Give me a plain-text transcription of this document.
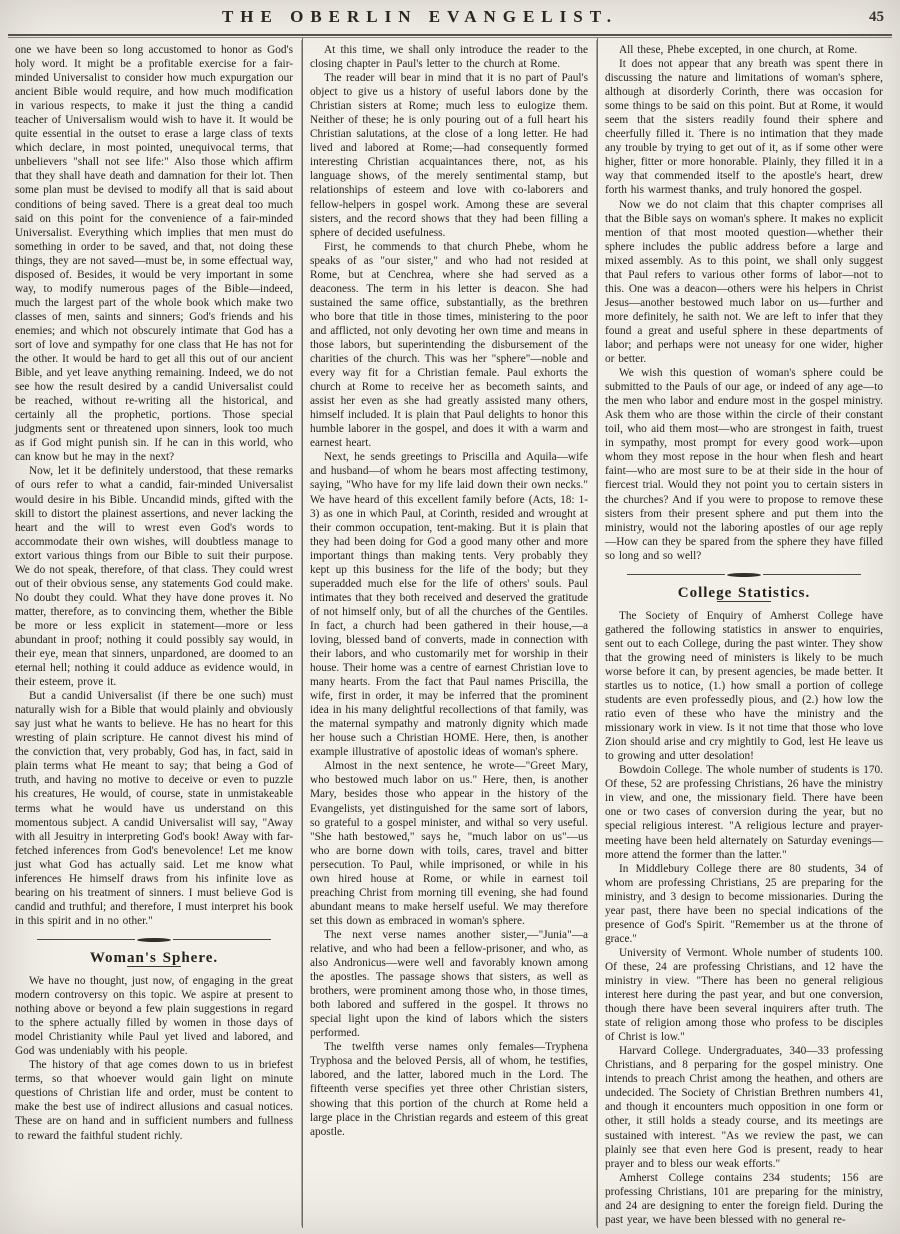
THE OBERLIN EVANGELIST.	45

one we have been so long accustomed to honor as God's holy word. It might be a profitable exercise for a fair-minded Universalist to consider how much expurgation our ancient Bible would require, and how much modification in various respects, to make it just the thing a candid teacher of Universalism would wish to have it. It would be quite essential in the outset to erase a large class of texts which declare, in most pointed, unequivocal terms, that unbelievers "shall not see life:" Also those which affirm that they shall have death and damnation for their lot. Then some plan must be devised to modify all that is said about conditions of being saved. There is a great deal too much said on this point for the convenience of a fair-minded Universalist. Everything which implies that men must do something in order to be saved, and that, not doing these things, they are not saved—must be, in some effectual way, disposed of. Besides, it would be very important in some way, to modify numerous pages of the Bible—indeed, much the largest part of the whole book which make two classes of men, saints and sinners; God's friends and his enemies; and which not obscurely intimate that God has a sort of love and sympathy for one class that He has not for the other. It would be hard to get all this out of our ancient Bible, and yet leave anything remaining. Indeed, we do not see how the result desired by a candid Universalist could be reached, without re-writing all the historical, and certainly all the prophetic, portions. Those special judgments sent or threatened upon sinners, look too much as if God might punish sin. If he can in this world, who can know but he may in the next?

Now, let it be definitely understood, that these remarks of ours refer to what a candid, fair-minded Universalist would desire in his Bible. Uncandid minds, gifted with the skill to distort the plainest assertions, and never lacking the heart and the will to wrest even God's words to accommodate their own wishes, will doubtless manage to extort various things from our Bible to suit their purpose. We do not speak, therefore, of that class. They could wrest out of their obvious sense, any statements God could make. No doubt they could. What they have done proves it. No matter, therefore, as to convincing them, whether the Bible be more or less explicit in statement—more or less abundant in proof; nothing it could possibly say would, in their eye, mean that sinners, unpardoned, are doomed to an eternal hell; nothing it could adduce as evidence would, in their esteem, prove it.

But a candid Universalist (if there be one such) must naturally wish for a Bible that would plainly and obviously say just what he wants to believe. He has no heart for this wresting of plain scripture. He cannot divest his mind of the conviction that, very probably, God has, in fact, said in plain terms what He meant to say; that being a God of truth, and having no motive to deceive or even to puzzle his creatures, He would, of course, state in unmistakeable terms what he would have us understand on this momentous subject. A candid Universalist will say, "Away with all Jesuitry in interpreting God's book! Away with far-fetched inferences from God's benevolence! Let me know just what God has actually said. Let me know what inferences He himself draws from his infinite love as bearing on his treatment of sinners. I must believe God is candid and truthful; and therefore, I must interpret his book in this spirit and in no other."

Woman's Sphere.

We have no thought, just now, of engaging in the great modern controversy on this topic. We aspire at present to nothing above or beyond a few plain suggestions in regard to the sphere actually filled by women in those days of model Christianity while Paul yet lived and labored, and God was undeniably with his people.

The history of that age comes down to us in briefest terms, so that whoever would gain light on minute questions of Christian life and order, must be content to make the best use of indirect allusions and casual notices. These are on hand and in sufficient numbers and fullness to reward the faithful student richly.

At this time, we shall only introduce the reader to the closing chapter in Paul's letter to the church at Rome.

The reader will bear in mind that it is no part of Paul's object to give us a history of useful labors done by the Christian sisters at Rome; much less to eulogize them. Neither of these; he is only pouring out of a full heart his Christian salutations, at the close of a long letter. He had lived and labored at Rome;—had consequently formed interesting Christian acquaintances there, not, as his language shows, of the merely sentimental stamp, but relationships of esteem and love with co-laborers and fellow-helpers in gospel work. Among these are several sisters, and the record shows that they had been filling a sphere of decided usefulness.

First, he commends to that church Phebe, whom he speaks of as "our sister," and who had not resided at Rome, but at Cenchrea, where she had served as a deaconess. The term in his letter is deacon. She had sustained the same office, substantially, as the brethren who bore that title in those times, ministering to the poor and afflicted, not only devoting her own time and means in those labors, but superintending the disbursement of the charities of the church. This was her "sphere"—noble and every way fit for a Christian female. Paul exhorts the church at Rome to receive her as becometh saints, and assist her even as she had greatly assisted many others, himself included. It is plain that Paul delights to honor this humble laborer in the gospel, and does it with a warm and earnest heart.

Next, he sends greetings to Priscilla and Aquila—wife and husband—of whom he bears most affecting testimony, saying, "Who have for my life laid down their own necks." We have heard of this excellent family before (Acts, 18: 1-3) as one in which Paul, at Corinth, resided and wrought at their common occupation, tent-making. But it is plain that they had been doing for God a good many other and more important things than making tents. Very probably they kept up this business for the life of the body; but they superadded much else for the life of others' souls. Paul intimates that they both received and deserved the gratitude of not himself only, but of all the churches of the Gentiles. In fact, a church had been gathered in their house,—a loving, blessed band of converts, made in connection with their labors, and who customarily met for worship in their house. Their home was a centre of earnest Christian love to many hearts. From the fact that Paul names Priscilla, the wife, first in order, it may be inferred that the prominent idea in his many delightful recollections of that family, was the maternal sympathy and matronly dignity which made her house such a Christian HOME. Here, then, is another example illustrative of apostolic ideas of woman's sphere.

Almost in the next sentence, he wrote—"Greet Mary, who bestowed much labor on us." Here, then, is another Mary, besides those who appear in the history of the Evangelists, yet distinguished for the same sort of labors, so grateful to a gospel minister, and withal so very useful. "She hath bestowed," says he, "much labor on us"—us who are borne down with toils, cares, travel and bitter persecution. To Paul, while imprisoned, or while in his own hired house at Rome, or while in earnest toil preaching Christ from morning till evening, she had found abundant means to make herself useful. We may therefore set this down as embraced in woman's sphere.

The next verse names another sister,—"Junia"—a relative, and who had been a fellow-prisoner, and who, as also Andronicus—were well and favorably known among the apostles. The passage shows that sisters, as well as brothers, were prominent among those who, in those times, both labored and suffered in the gospel. It throws no special light upon the kind of labors which the sisters performed.

The twelfth verse names only females—Tryphena Tryphosa and the beloved Persis, all of whom, he testifies, labored, and the latter, labored much in the Lord. The fifteenth verse specifies yet three other Christian sisters, showing that this portion of the church at Rome held a large place in the Christian regards and esteem of this great apostle.

All these, Phebe excepted, in one church, at Rome.

It does not appear that any breath was spent there in discussing the nature and limitations of woman's sphere, although at disorderly Corinth, there was occasion for some things to be said on this point. But at Rome, it would seem that the sisters readily found their sphere and cheerfully filled it. There is no intimation that they made any trouble by trying to get out of it, as if some other were higher, fitter or more honorable. Plainly, they filled it in a way that commended itself to the apostle's heart, drew forth his warmest thanks, and truly honored the gospel.

Now we do not claim that this chapter comprises all that the Bible says on woman's sphere. It makes no explicit mention of that most mooted question—whether their sphere includes the public address before a large and mixed assembly. As to this point, we shall only suggest that Paul refers to various other forms of labor—not to this. One was a deacon—others were his helpers in Christ Jesus—another bestowed much labor on us—further and more definitely, he saith not. We are left to infer that they found a great and useful sphere in these departments of labor; and perhaps were not uneasy for one wider, higher or better.

We wish this question of woman's sphere could be submitted to the Pauls of our age, or indeed of any age—to the men who labor and endure most in the gospel ministry. Ask them who are those within the circle of their constant toil, who aid them most—who are strongest in faith, truest in sympathy, most prompt for every good work—upon whom they most repose in the hour when flesh and heart faint—who are most sure to be at their side in the hour of fiercest trial. Would they not point you to certain sisters in the churches? And if you were to propose to remove these sisters from their present sphere and put them into the ministry, would not the laboring apostles of our age reply—How can they be spared from the sphere they have filled so long and so well?

College Statistics.

The Society of Enquiry of Amherst College have gathered the following statistics in answer to enquiries, sent out to each College, during the past winter. They show that the growing need of ministers is likely to be much worse before it can, by present agencies, be made better. It startles us to notice, (1.) how small a portion of college students are even professedly pious, and (2.) how low the ratio even of these who have the ministry and the missionary work in view. Is it not time that those who love Zion should arise and cry mightily to God, lest He leave us to growing and utter desolation!

Bowdoin College. The whole number of students is 170. Of these, 52 are professing Christians, 26 have the ministry in view, and one, the missionary field. There have been one or two cases of conversion during the year, but no special religious interest. "A religious lecture and prayer-meeting have been held alternately on Saturday evenings—more attend the former than the latter."

In Middlebury College there are 80 students, 34 of whom are professing Christians, 25 are preparing for the ministry, and 3 design to become missionaries. During the year past, there have been no special indications of the presence of God's Spirit. "Remember us at the throne of grace."

University of Vermont. Whole number of students 100. Of these, 24 are professing Christians, and 12 have the ministry in view. "There has been no general religious interest here during the past year, and but one conversion, though there have been several inquirers after truth. The state of religion among those who profess to be disciples of Christ is low."

Harvard College. Undergraduates, 340—33 professing Christians, and 8 perparing for the gospel ministry. One intends to preach Christ among the heathen, and others are undecided. The Society of Christian Brethren numbers 41, and though it encounters much opposition in one form or other, it still holds a steady course, and its meetings are sustained with interest. "As we review the past, we can plainly see that even here God is present, ready to hear prayer and to bless our weak efforts."

Amherst College contains 234 students; 156 are professing Christians, 101 are preparing for the ministry, and 24 are designing to enter the foreign field. During the past year, we have been blessed with no general re-
